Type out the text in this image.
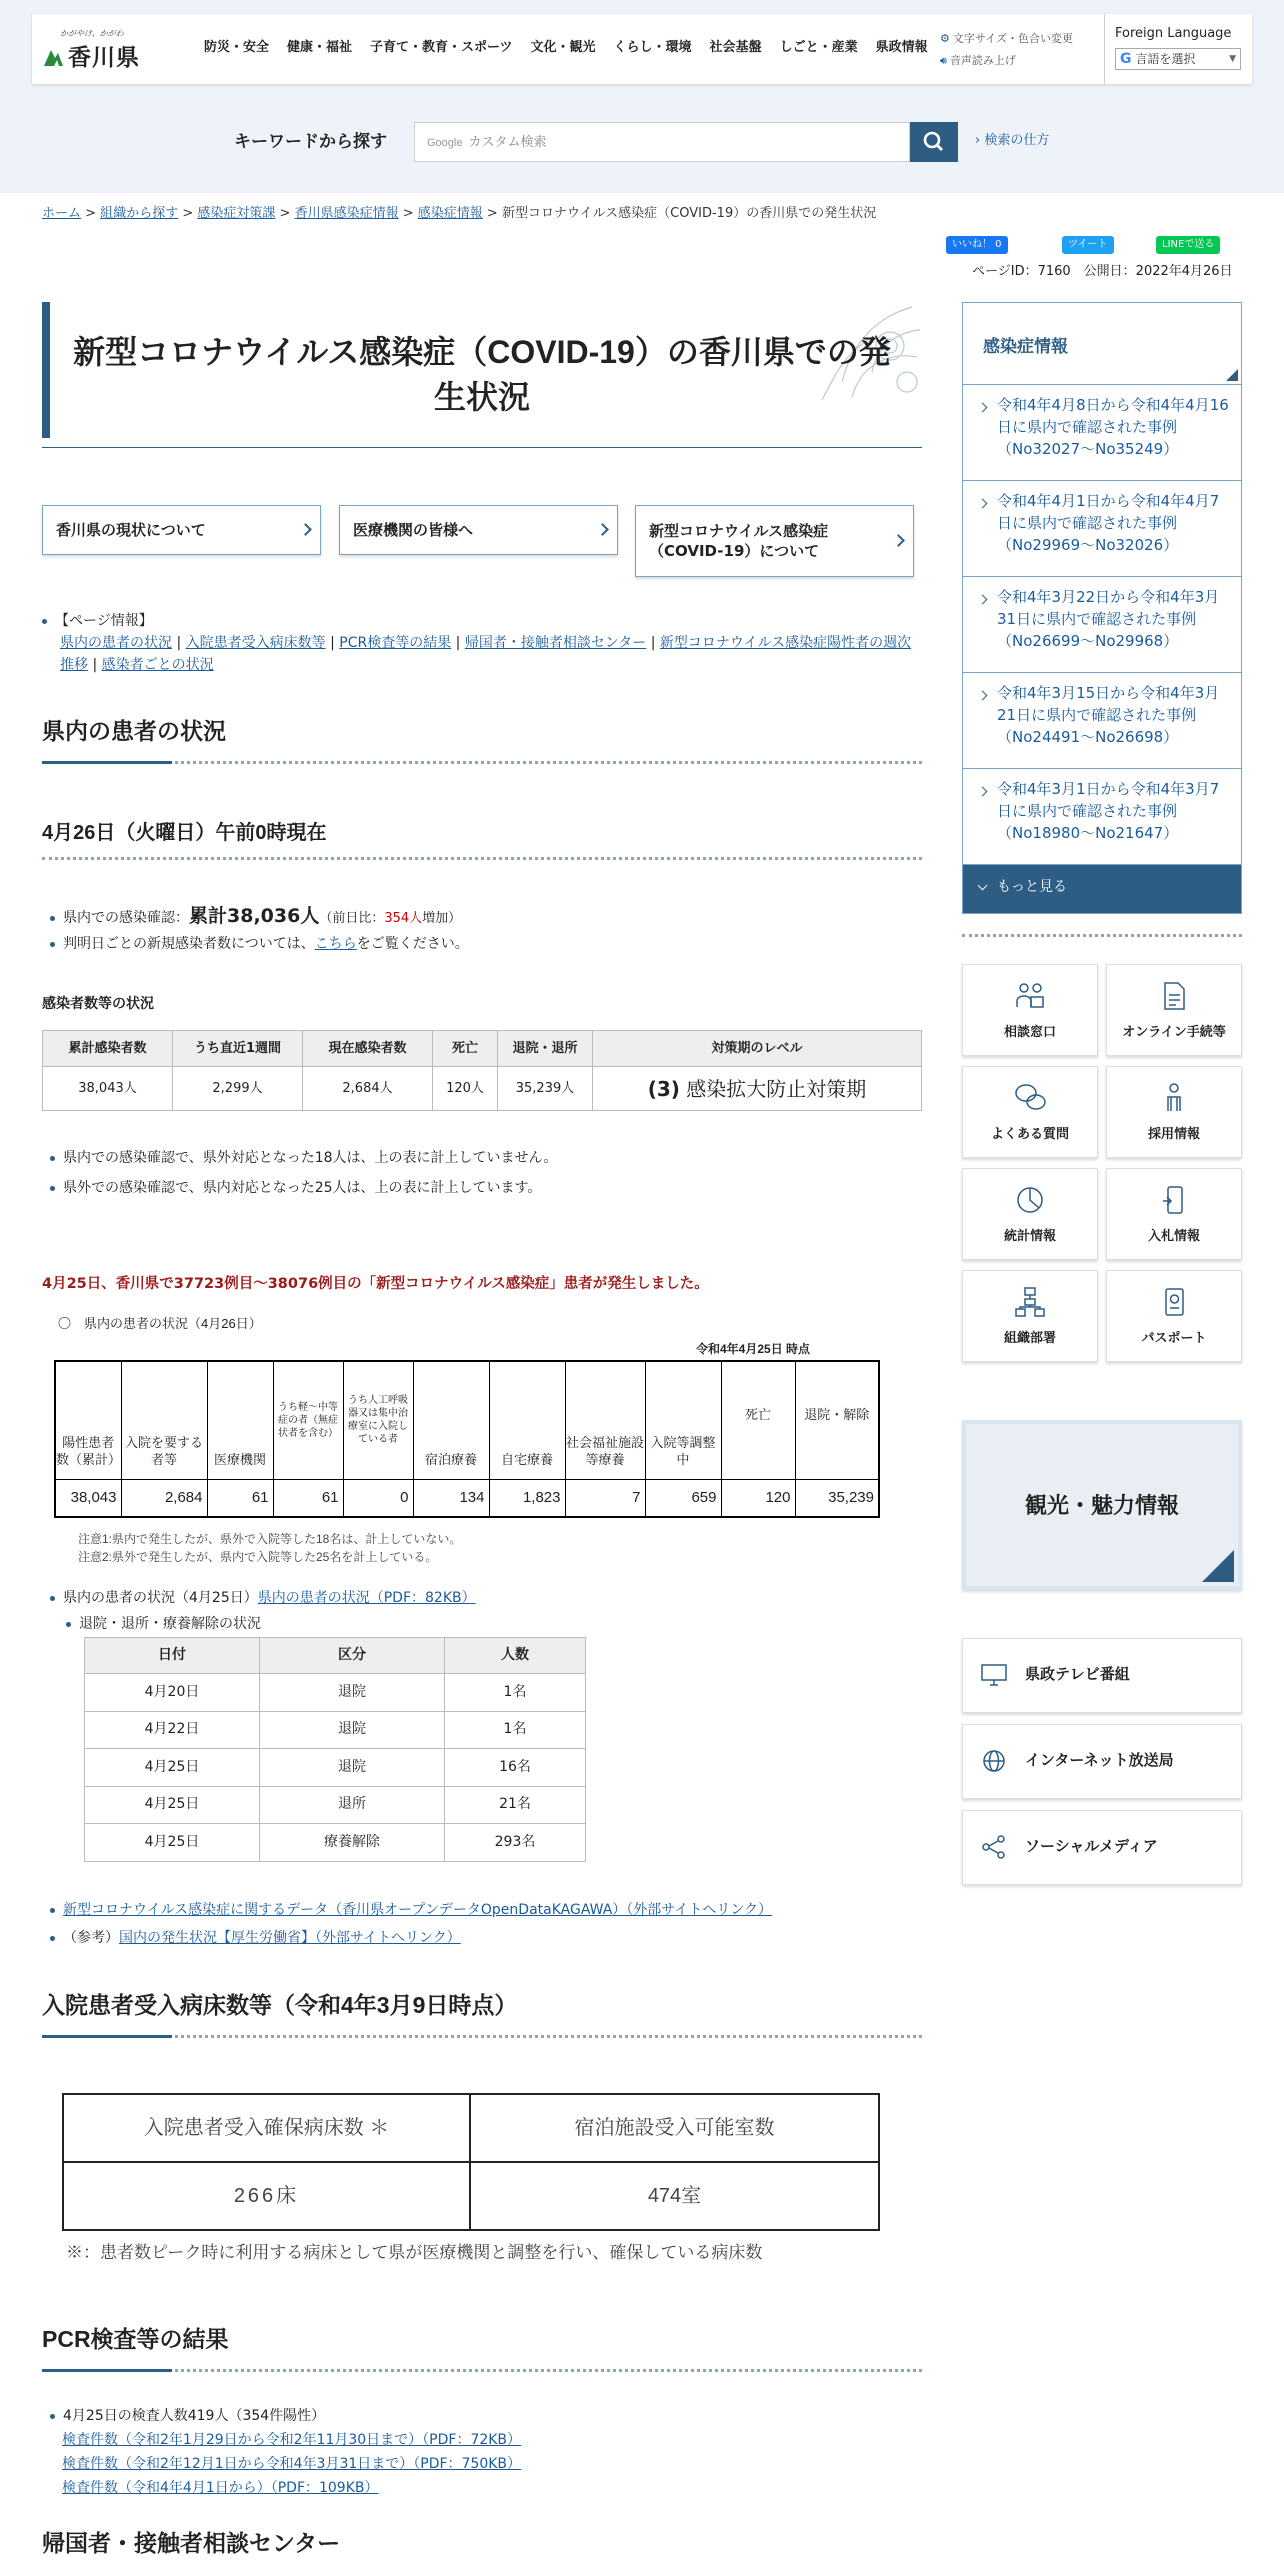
かがやけ、かがわ
香川県	防災・安全	健康・福祉	子育て・教育・スポーツ	文化・観光	くらし・環境	社会基盤	しごと・産業	県政情報
⚙ 文字サイズ・色合い変更
🔊︎ 音声読み上げ
Foreign Language
G 言語を選択	▼
キーワードから探す	Google カスタム検索	› 検索の仕方
ホーム > 組織から探す > 感染症対策課 > 香川県感染症情報 > 感染症情報 > 新型コロナウイルス感染症（COVID-19）の香川県での発生状況
いいね！ 0	ツイート	LINEで送る
ページID：7160　公開日：2022年4月26日
新型コロナウイルス感染症（COVID-19）の香川県での発生状況
香川県の現状について	医療機関の皆様へ	新型コロナウイルス感染症（COVID-19）について
【ページ情報】
県内の患者の状況 | 入院患者受入病床数等 | PCR検査等の結果 | 帰国者・接触者相談センター | 新型コロナウイルス感染症陽性者の週次推移 | 感染者ごとの状況
県内の患者の状況
4月26日（火曜日）午前0時現在
県内での感染確認：累計38,036人（前日比：354人増加）
判明日ごとの新規感染者数については、こちらをご覧ください。
感染者数等の状況
累計感染者数	うち直近1週間	現在感染者数	死亡	退院・退所	対策期のレベル
38,043人	2,299人	2,684人	120人	35,239人	(3) 感染拡大防止対策期
県内での感染確認で、県外対応となった18人は、上の表に計上していません。
県外での感染確認で、県内対応となった25人は、上の表に計上しています。
4月25日、香川県で37723例目～38076例目の「新型コロナウイルス感染症」患者が発生しました。
〇　県内の患者の状況（4月26日）
令和4年4月25日 時点
陽性患者数（累計）	入院を要する者等	医療機関	うち軽～中等症の者（無症状者を含む）	うち人工呼吸器又は集中治療室に入院している者	宿泊療養	自宅療養	社会福祉施設等療養	入院等調整中	死亡	退院・解除
38,043	2,684	61	61	0	134	1,823	7	659	120	35,239
注意1:県内で発生したが、県外で入院等した18名は、計上していない。
注意2:県外で発生したが、県内で入院等した25名を計上している。
県内の患者の状況（4月25日）県内の患者の状況（PDF：82KB）
退院・退所・療養解除の状況
日付	区分	人数
4月20日	退院	1名
4月22日	退院	1名
4月25日	退院	16名
4月25日	退所	21名
4月25日	療養解除	293名
新型コロナウイルス感染症に関するデータ（香川県オープンデータOpenDataKAGAWA）（外部サイトへリンク）
（参考）国内の発生状況【厚生労働省】（外部サイトへリンク）
入院患者受入病床数等（令和4年3月9日時点）
入院患者受入確保病床数 ＊	宿泊施設受入可能室数
266床	474室
※：患者数ピーク時に利用する病床として県が医療機関と調整を行い、確保している病床数
PCR検査等の結果
4月25日の検査人数419人（354件陽性）
検査件数（令和2年1月29日から令和2年11月30日まで）（PDF：72KB）
検査件数（令和2年12月1日から令和4年3月31日まで）（PDF：750KB）
検査件数（令和4年4月1日から）（PDF：109KB）
帰国者・接触者相談センター
感染症情報
令和4年4月8日から令和4年4月16日に県内で確認された事例（No32027～No35249）
令和4年4月1日から令和4年4月7日に県内で確認された事例（No29969～No32026）
令和4年3月22日から令和4年3月31日に県内で確認された事例（No26699～No29968）
令和4年3月15日から令和4年3月21日に県内で確認された事例（No24491～No26698）
令和4年3月1日から令和4年3月7日に県内で確認された事例（No18980～No21647）
もっと見る
相談窓口	オンライン手続等
よくある質問	採用情報
統計情報	入札情報
組織部署	パスポート
観光・魅力情報
県政テレビ番組
インターネット放送局
ソーシャルメディア
